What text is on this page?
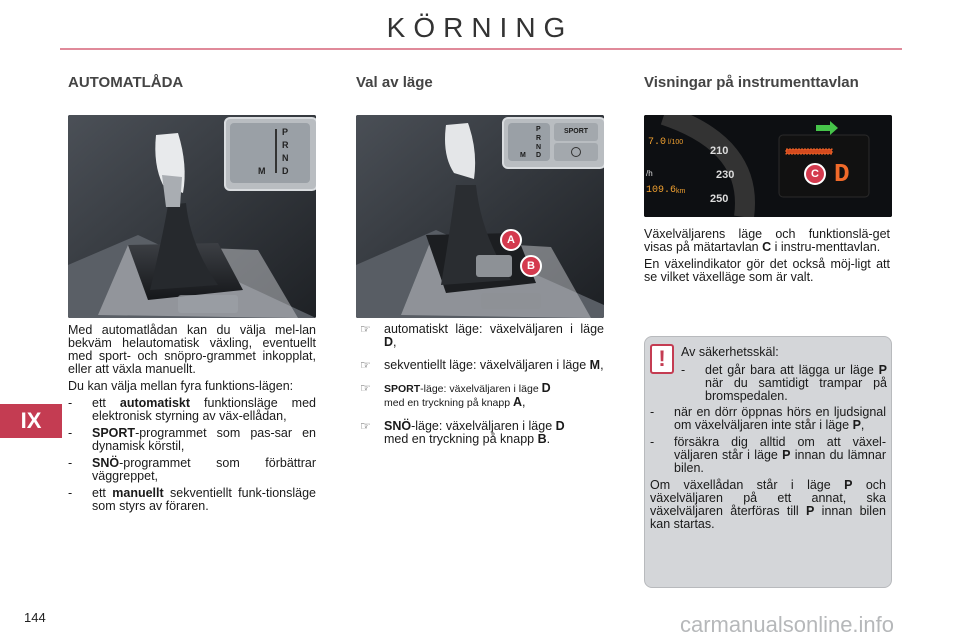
KÖRNING
IX
144
AUTOMATLÅDA
P
R
N
D
M

Med automatlådan kan du välja mel-lan bekväm helautomatisk växling, eventuellt med sport- och snöpro-grammet inkopplat, eller att växla manuellt.

Du kan välja mellan fyra funktions-lägen:

- ett automatiskt funktionsläge med elektronisk styrning av väx-ellådan,
- SPORT-programmet som pas-sar en dynamisk körstil,
- SNÖ-programmet som förbättrar väggreppet,
- ett manuellt sekventiellt funk-tionsläge som styrs av föraren.
Val av läge
P
R
N
D
M
SPORT
A
B
☞ automatiskt läge: växelväljaren i läge D,
☞ sekventiellt läge: växelväljaren i läge M,
☞ SPORT-läge: växelväljaren i läge D
med en tryckning på knapp A,
☞ SNÖ-läge: växelväljaren i läge D
med en tryckning på knapp B.
Visningar på instrumenttavlan
7.0 l/100
/h
109.6 km
210
230
250
C D

Växelväljarens läge och funktionslä-get visas på mätartavlan C i instru-menttavlan.

En växelindikator gör det också möj-ligt att se vilket växelläge som är valt.

!	Av säkerhetsskäl:
- det går bara att lägga ur läge P när du samtidigt trampar på bromspedalen.
- när en dörr öppnas hörs en ljudsignal om växelväljaren inte står i läge P,
- försäkra dig alltid om att växel-väljaren står i läge P innan du lämnar bilen.

Om växellådan står i läge P och växelväljaren på ett annat, ska växelväljaren återföras till P innan bilen kan startas.

carmanualsonline.info
